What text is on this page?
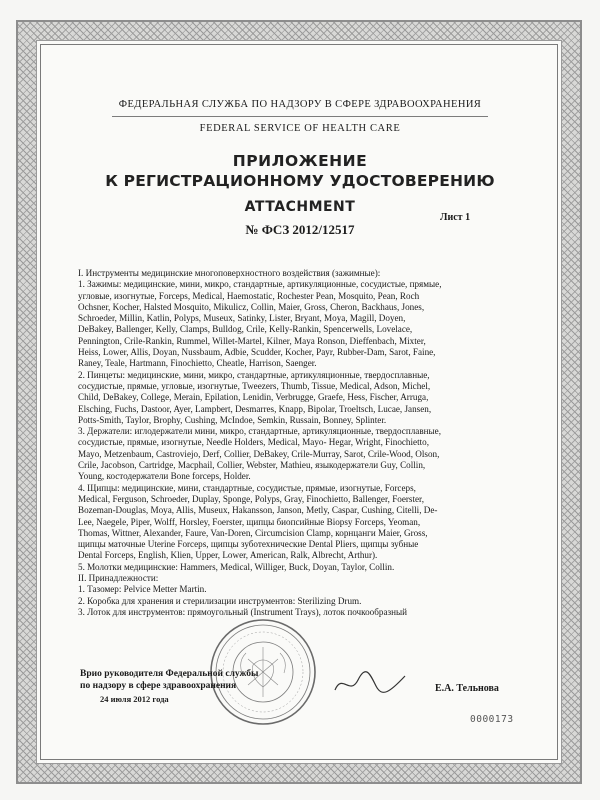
ФЕДЕРАЛЬНАЯ СЛУЖБА ПО НАДЗОРУ В СФЕРЕ ЗДРАВООХРАНЕНИЯ
FEDERAL SERVICE OF HEALTH CARE
ПРИЛОЖЕНИЕ
К РЕГИСТРАЦИОННОМУ УДОСТОВЕРЕНИЮ
ATTACHMENT
Лист 1
№ ФСЗ 2012/12517
I. Инструменты медицинские многоповерхностного воздействия (зажимные):
1. Зажимы: медицинские, мини, микро, стандартные, артикуляционные, сосудистые, прямые,
угловые, изогнутые, Forceps, Medical, Haemostatic, Rochester Pean, Mosquito, Pean, Roch
Ochsner, Kocher, Halsted Mosquito, Mikulicz, Collin, Maier, Gross, Cheron, Backhaus, Jones,
Schroeder, Millin, Katlin, Polyps, Museux, Satinky, Lister, Bryant, Moya, Magill, Doyen,
DeBakey, Ballenger, Kelly, Clamps, Bulldog, Crile, Kelly-Rankin, Spencerwells, Lovelace,
Pennington, Crile-Rankin, Rummel, Willet-Martel, Kilner, Maya Ronson, Dieffenbach, Mixter,
Heiss, Lower, Allis, Doyan, Nussbaum, Adbie, Scudder, Kocher, Payr, Rubber-Dam, Sarot, Faine,
Raney, Teale, Hartmann, Finochietto, Cheatle, Harrison, Saenger.
2. Пинцеты: медицинские, мини, микро, стандартные, артикуляционные, твердосплавные,
сосудистые, прямые, угловые, изогнутые, Tweezers, Thumb, Tissue, Medical, Adson, Michel,
Child, DeBakey, College, Merain, Epilation, Lenidin, Verbrugge, Graefe, Hess, Fischer, Arruga,
Elsching, Fuchs, Dastoor, Ayer, Lampbert, Desmarres, Knapp, Bipolar, Troeltsch, Lucae, Jansen,
Potts-Smith, Taylor, Brophy, Cushing, McIndoe, Semkin, Russain, Bonney, Splinter.
3. Держатели: иглодержатели мини, микро, стандартные, артикуляционные, твердосплавные,
сосудистые, прямые, изогнутые, Needle Holders, Medical, Mayo- Hegar, Wright, Finochietto,
Mayo, Metzenbaum, Castroviejo, Derf, Collier, DeBakey, Crile-Murray, Sarot, Crile-Wood, Olson,
Crile, Jacobson, Cartridge, Macphail, Collier, Webster, Mathieu, языкодержатели Guy, Collin,
Young, костодержатели Bone forceps, Holder.
4. Щипцы: медицинские, мини, стандартные, сосудистые, прямые, изогнутые, Forceps,
Medical, Ferguson, Schroeder, Duplay, Sponge, Polyps, Gray, Finochietto, Ballenger, Foerster,
Bozeman-Douglas, Moya, Allis, Museux, Hakansson, Janson, Metly, Caspar, Cushing, Citelli, De-
Lee, Naegele, Piper, Wolff, Horsley, Foerster, щипцы биопсийные Biopsy Forceps, Yeoman,
Thomas, Wittner, Alexander, Faure, Van-Doren, Circumcision Clamp, корнцанги Maier, Gross,
щипцы маточные Uterine Forceps, щипцы зуботехнические Dental Pliers, щипцы зубные
Dental Forceps, English, Klien, Upper, Lower, American, Ralk, Albrecht, Arthur).
5. Молотки медицинские: Hammers, Medical, Williger, Buck, Doyan, Taylor, Collin.
II. Принадлежности:
1. Тазомер: Pelvice Metter Martin.
2. Коробка для хранения и стерилизации инструментов: Sterilizing Drum.
3. Лоток для инструментов: прямоугольный (Instrument Trays), лоток почкообразный
Врио руководителя Федеральной службы
по надзору в сфере здравоохранения
24 июля 2012 года
Е.А. Тельнова
0000173
